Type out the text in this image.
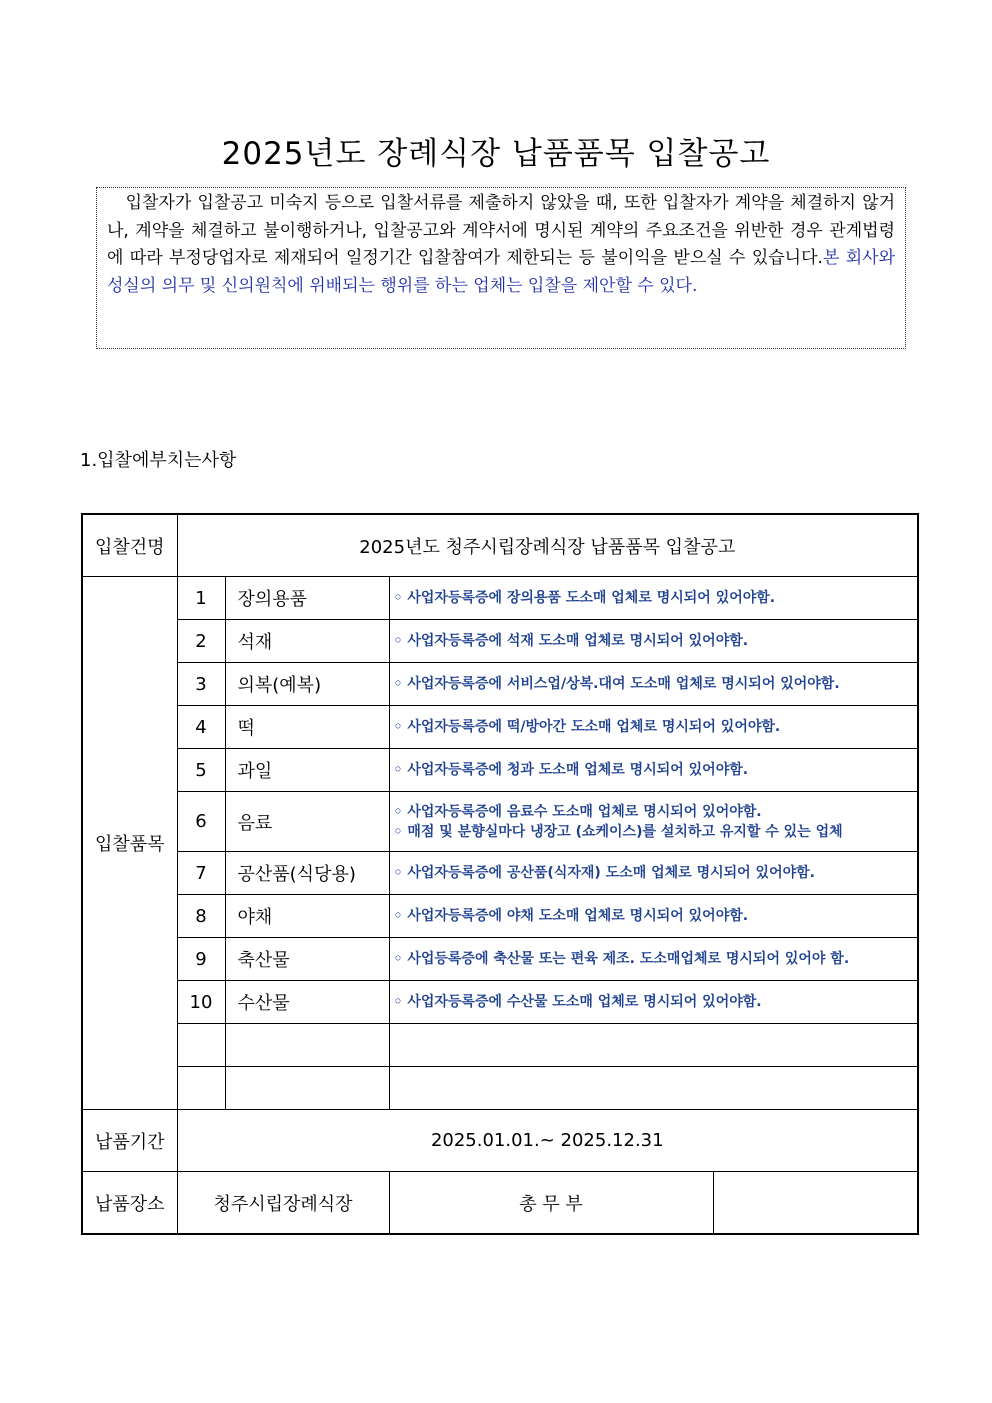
2025년도 장례식장 납품품목 입찰공고
입찰자가 입찰공고 미숙지 등으로 입찰서류를 제출하지 않았을 때, 또한 입찰자가 계약을 체결하지 않거나, 계약을 체결하고 불이행하거나, 입찰공고와 계약서에 명시된 계약의 주요조건을 위반한 경우 관계법령에 따라 부정당업자로 제재되어 일정기간 입찰참여가 제한되는 등 불이익을 받으실 수 있습니다.본 회사와 성실의 의무 및 신의원칙에 위배되는 행위를 하는 업체는 입찰을 제안할 수 있다.
1.입찰에부치는사항
입찰건명	2025년도 청주시립장례식장 납품품목 입찰공고			
입찰품목	1	장의용품	◦ 사업자등록증에 장의용품 도소매 업체로 명시되어 있어야함.	

	2	석재	◦ 사업자등록증에 석재 도소매 업체로 명시되어 있어야함.	

	3	의복(예복)	◦ 사업자등록증에 서비스업/상복.대여 도소매 업체로 명시되어 있어야함.	

	4	떡	◦ 사업자등록증에 떡/방아간 도소매 업체로 명시되어 있어야함.	

	5	과일	◦ 사업자등록증에 청과 도소매 업체로 명시되어 있어야함.	

	6	음료	◦ 사업자등록증에 음료수 도소매 업체로 명시되어 있어야함.
◦ 매점 및 분향실마다 냉장고 (쇼케이스)를 설치하고 유지할 수 있는 업체	

	7	공산품(식당용)	◦ 사업자등록증에 공산품(식자재) 도소매 업체로 명시되어 있어야함.	

	8	야채	◦ 사업자등록증에 야채 도소매 업체로 명시되어 있어야함.	

	9	축산물	◦ 사업등록증에 축산물 또는 편육 제조. 도소매업체로 명시되어 있어야 함.	

	10	수산물	◦ 사업자등록증에 수산물 도소매 업체로 명시되어 있어야함.	

납품기간	2025.01.01.~ 2025.12.31			
납품장소	청주시립장례식장		총 무 부	
